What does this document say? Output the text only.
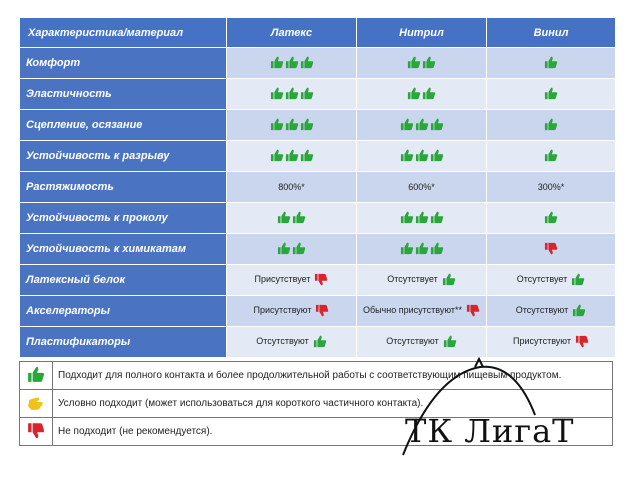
Характеристика/материал	Латекс	Нитрил	Винил
Комфорт	

Эластичность	

Сцепление, осязание	

Устойчивость к разрыву	

Растяжимость	800%*	600%*	300%*
Устойчивость к проколу	

Устойчивость к химикатам	

Латексный белок	Присутствует	Отсутствует	Отсутствует

Акселераторы	Присутствуют	Обычно присутствуют**	Отсутствуют

Пластификаторы	Отсутствуют	Отсутствуют	Присутствуют
	Подходит для полного контакта и более продолжительной работы с соответствующим пищевым продуктом.
	Условно подходит (может использоваться для короткого частичного контакта).
	Не подходит (не рекомендуется).	ТК ЛигаТ
